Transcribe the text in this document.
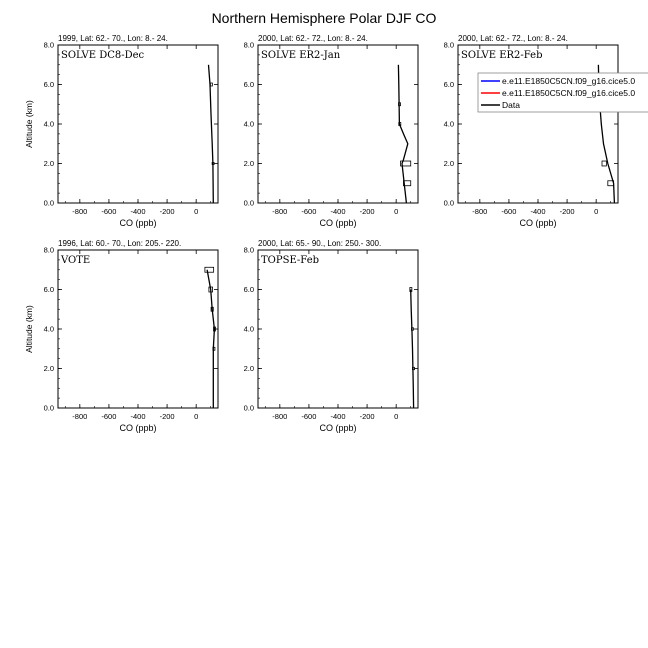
Northern Hemisphere Polar DJF CO
1999, Lat: 62.- 70., Lon: 8.- 24.
SOLVE DC8-Dec
-800 -600 -400 -200	0
0.0
2.0
4.0
6.0
8.0
CO (ppb)
Altitude (km)
2000, Lat: 62.- 72., Lon: 8.- 24.
SOLVE ER2-Jan
-800 -600 -400 -200	0
0.0
2.0
4.0
6.0
8.0
CO (ppb)
2000, Lat: 62.- 72., Lon: 8.- 24.
SOLVE ER2-Feb
-800 -600 -400 -200	0
0.0
2.0
4.0
6.0
8.0
CO (ppb)
1996, Lat: 60.- 70., Lon: 205.- 220.
VOTE
-800 -600 -400 -200	0
0.0
2.0
4.0
6.0
8.0
CO (ppb)
Altitude (km)
2000, Lat: 65.- 90., Lon: 250.- 300.
TOPSE-Feb
-800 -600 -400 -200	0
0.0
2.0
4.0
6.0
8.0
CO (ppb)
e.e11.E1850C5CN.f09_g16.cice5.0
e.e11.E1850C5CN.f09_g16.cice5.0
Data
